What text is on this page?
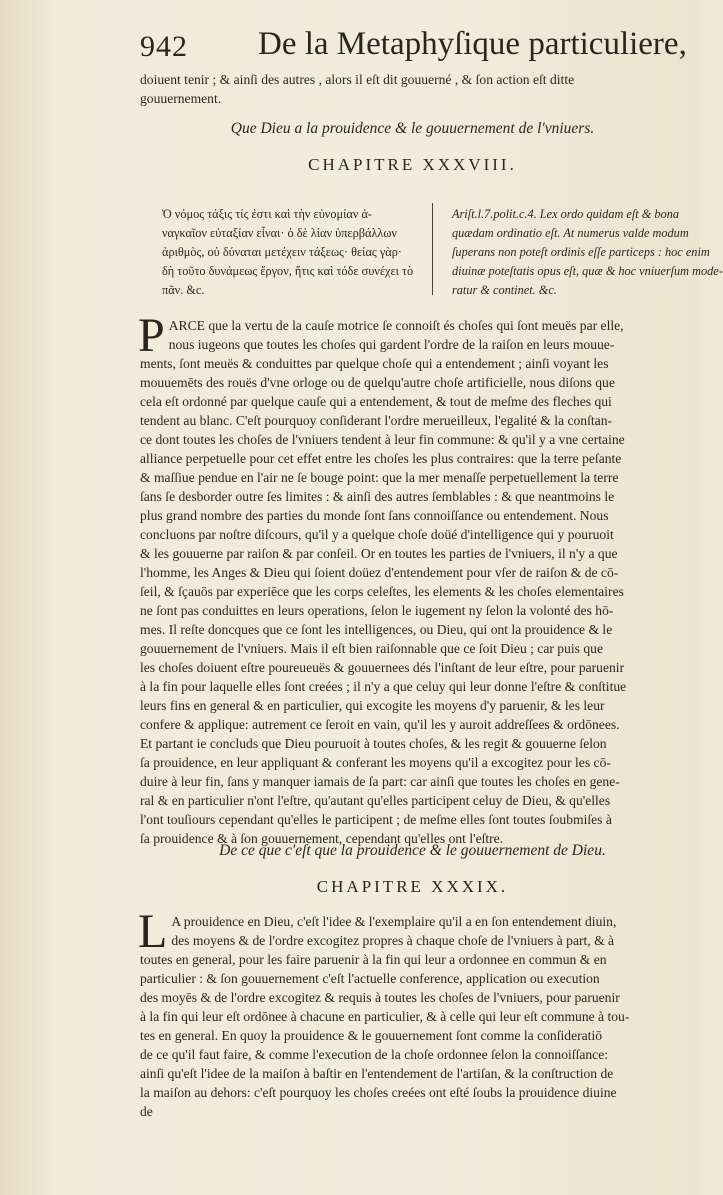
942 De la Metaphyſique particuliere,
doiuent tenir ; & ainſi des autres , alors il eſt dit gouuerné , & ſon action eſt ditte
gouuernement.
Que Dieu a la prouidence & le gouuernement de l'vniuers.
CHAPITRE XXXVIII.
Ὁ νόμος τάξις τίς ἐστι καὶ τὴν εὐνομίαν ἀ-
ναγκαῖον εὐταξίαν εἶναι· ὁ δὲ λίαν ὑπερβάλλων
ἀριθμὸς, οὐ δύναται μετέχειν τάξεως· θείας γὰρ·
δὴ τοῦτο δυνάμεως ἔργον, ἥτις καὶ τόδε συνέχει τὸ
πᾶν. &c.
Ariſt.l.7.polit.c.4. Lex ordo quidam eſt & bona
quædam ordinatio eſt. At numerus valde modum
ſuperans non poteſt ordinis eſſe particeps : hoc enim
diuinæ poteſtatis opus eſt, quæ & hoc vniuerſum mode-
ratur & continet. &c.
P ARCE que la vertu de la cauſe motrice ſe connoiſt és choſes qui ſont meuës par elle,
nous iugeons que toutes les choſes qui gardent l'ordre de la raiſon en leurs mouue-
ments, ſont meuës & conduittes par quelque choſe qui a entendement ; ainſi voyant les
mouuemēts des rouës d'vne orloge ou de quelqu'autre choſe artificielle, nous diſons que
cela eſt ordonné par quelque cauſe qui a entendement, & tout de meſme des fleches qui
tendent au blanc. C'eſt pourquoy conſiderant l'ordre merueilleux, l'egalité & la conſtan-
ce dont toutes les choſes de l'vniuers tendent à leur fin commune: & qu'il y a vne certaine
alliance perpetuelle pour cet effet entre les choſes les plus contraires: que la terre peſante
& maſſiue pendue en l'air ne ſe bouge point: que la mer menaſſe perpetuellement la terre
ſans ſe desborder outre ſes limites : & ainſi des autres ſemblables : & que neantmoins le
plus grand nombre des parties du monde ſont ſans connoiſſance ou entendement. Nous
concluons par noſtre diſcours, qu'il y a quelque choſe doüé d'intelligence qui y pouruoit
& les gouuerne par raiſon & par conſeil. Or en toutes les parties de l'vniuers, il n'y a que
l'homme, les Anges & Dieu qui ſoient doüez d'entendement pour vſer de raiſon & de cō-
ſeil, & ſçauōs par experiēce que les corps celeſtes, les elements & les choſes elementaires
ne ſont pas conduittes en leurs operations, ſelon le iugement ny ſelon la volonté des hō-
mes. Il reſte doncques que ce ſont les intelligences, ou Dieu, qui ont la prouidence & le
gouuernement de l'vniuers. Mais il eſt bien raiſonnable que ce ſoit Dieu ; car puis que
les choſes doiuent eſtre poureueuës & gouuernees dés l'inſtant de leur eſtre, pour paruenir
à la fin pour laquelle elles ſont creées ; il n'y a que celuy qui leur donne l'eſtre & conſtitue
leurs fins en general & en particulier, qui excogite les moyens d'y paruenir, & les leur
confere & applique: autrement ce ſeroit en vain, qu'il les y auroit addreſſees & ordōnees.
Et partant ie concluds que Dieu pouruoit à toutes choſes, & les regit & gouuerne ſelon
ſa prouidence, en leur appliquant & conferant les moyens qu'il a excogitez pour les cō-
duire à leur fin, ſans y manquer iamais de ſa part: car ainſi que toutes les choſes en gene-
ral & en particulier n'ont l'eſtre, qu'autant qu'elles participent celuy de Dieu, & qu'elles
l'ont touſiours cependant qu'elles le participent ; de meſme elles ſont toutes ſoubmiſes à
ſa prouidence & à ſon gouuernement, cependant qu'elles ont l'eſtre.
De ce que c'eſt que la prouidence & le gouuernement de Dieu.
CHAPITRE XXXIX.
L A prouidence en Dieu, c'eſt l'idee & l'exemplaire qu'il a en ſon entendement diuin,
des moyens & de l'ordre excogitez propres à chaque choſe de l'vniuers à part, & à
toutes en general, pour les faire paruenir à la fin qui leur a ordonnee en commun & en
particulier : & ſon gouuernement c'eſt l'actuelle conference, application ou execution
des moyēs & de l'ordre excogitez & requis à toutes les choſes de l'vniuers, pour paruenir
à la fin qui leur eſt ordōnee à chacune en particulier, & à celle qui leur eſt commune à tou-
tes en general. En quoy la prouidence & le gouuernement ſont comme la conſideratiō
de ce qu'il faut faire, & comme l'execution de la choſe ordonnee ſelon la connoiſſance:
ainſi qu'eſt l'idee de la maiſon à baſtir en l'entendement de l'artiſan, & la conſtruction de
la maiſon au dehors: c'eſt pourquoy les choſes creées ont eſté ſoubs la prouidence diuine
de
